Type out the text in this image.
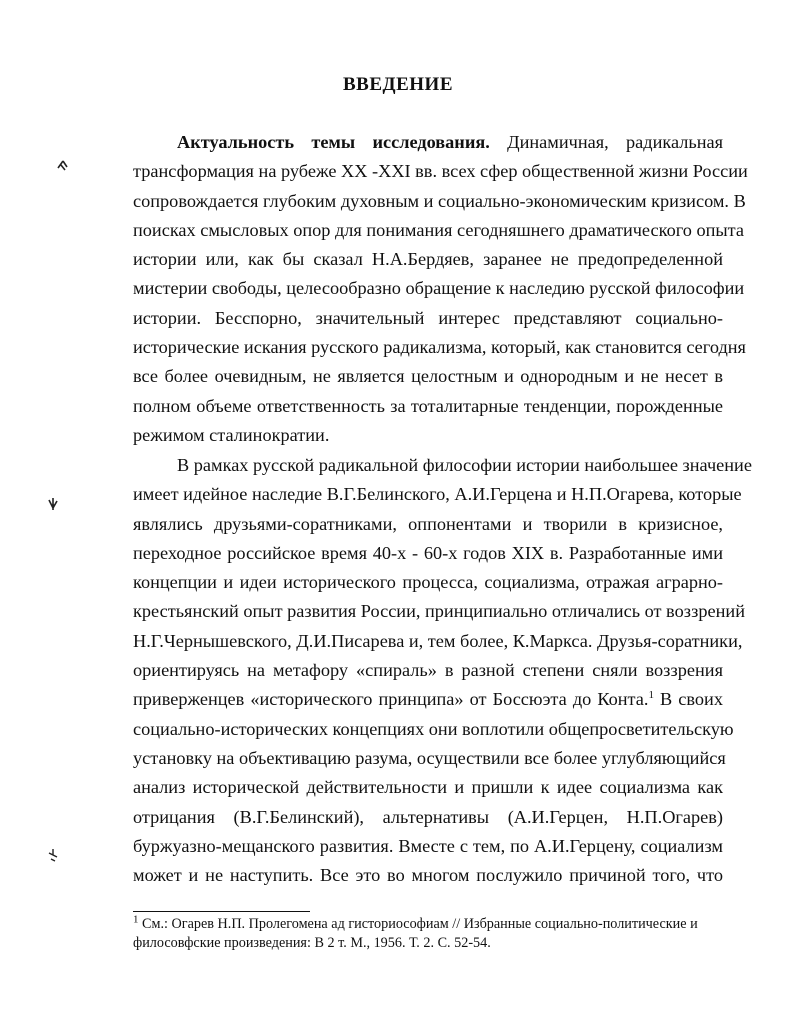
ВВЕДЕНИЕ
Актуальность темы исследования. Динамичная, радикальная
трансформация на рубеже XX -XXI вв. всех сфер общественной жизни России
сопровождается глубоким духовным и социально-экономическим кризисом. В
поисках смысловых опор для понимания сегодняшнего драматического опыта
истории или, как бы сказал Н.А.Бердяев, заранее не предопределенной
мистерии свободы, целесообразно обращение к наследию русской философии
истории. Бесспорно, значительный интерес представляют социально-
исторические искания русского радикализма, который, как становится сегодня
все более очевидным, не является целостным и однородным и не несет в
полном объеме ответственность за тоталитарные тенденции, порожденные
режимом сталинократии.
В рамках русской радикальной философии истории наибольшее значение
имеет идейное наследие В.Г.Белинского, А.И.Герцена и Н.П.Огарева, которые
являлись друзьями-соратниками, оппонентами и творили в кризисное,
переходное российское время 40-х - 60-х годов XIX в. Разработанные ими
концепции и идеи исторического процесса, социализма, отражая аграрно-
крестьянский опыт развития России, принципиально отличались от воззрений
Н.Г.Чернышевского, Д.И.Писарева и, тем более, К.Маркса. Друзья-соратники,
ориентируясь на метафору «спираль» в разной степени сняли воззрения
приверженцев «исторического принципа» от Боссюэта до Конта.$^1$ В своих
социально-исторических концепциях они воплотили общепросветительскую
установку на объективацию разума, осуществили все более углубляющийся
анализ исторической действительности и пришли к идее социализма как
отрицания (В.Г.Белинский), альтернативы (А.И.Герцен, Н.П.Огарев)
буржуазно-мещанского развития. Вместе с тем, по А.И.Герцену, социализм
может и не наступить. Все это во многом послужило причиной того, что
$^1$ См.: Огарев Н.П. Пролегомена ад гисториософиам // Избранные социально-политические и
филосовфские произведения: В 2 т. М., 1956. Т. 2. С. 52-54.
